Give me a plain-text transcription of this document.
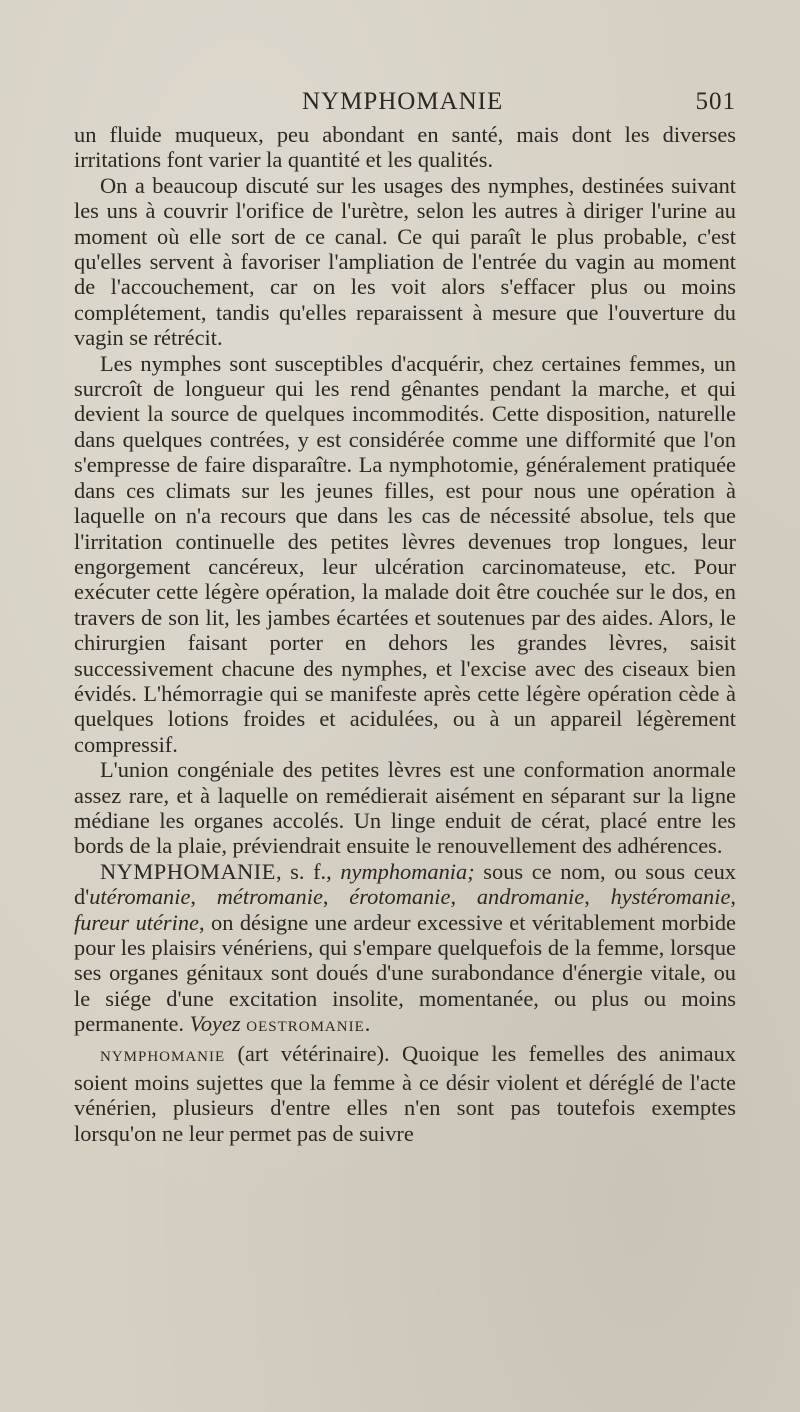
NYMPHOMANIE	501

un fluide muqueux, peu abondant en santé, mais dont les diverses irritations font varier la quantité et les qualités.

On a beaucoup discuté sur les usages des nymphes, destinées suivant les uns à couvrir l'orifice de l'urètre, selon les autres à diriger l'urine au moment où elle sort de ce canal. Ce qui paraît le plus probable, c'est qu'elles servent à favoriser l'ampliation de l'entrée du vagin au moment de l'accouchement, car on les voit alors s'effacer plus ou moins complétement, tandis qu'elles reparaissent à mesure que l'ouverture du vagin se rétrécit.

Les nymphes sont susceptibles d'acquérir, chez certaines femmes, un surcroît de longueur qui les rend gênantes pendant la marche, et qui devient la source de quelques incommodités. Cette disposition, naturelle dans quelques contrées, y est considérée comme une difformité que l'on s'empresse de faire disparaître. La nymphotomie, généralement pratiquée dans ces climats sur les jeunes filles, est pour nous une opération à laquelle on n'a recours que dans les cas de nécessité absolue, tels que l'irritation continuelle des petites lèvres devenues trop longues, leur engorgement cancéreux, leur ulcération carcinomateuse, etc. Pour exécuter cette légère opération, la malade doit être couchée sur le dos, en travers de son lit, les jambes écartées et soutenues par des aides. Alors, le chirurgien faisant porter en dehors les grandes lèvres, saisit successivement chacune des nymphes, et l'excise avec des ciseaux bien évidés. L'hémorragie qui se manifeste après cette légère opération cède à quelques lotions froides et acidulées, ou à un appareil légèrement compressif.

L'union congéniale des petites lèvres est une conformation anormale assez rare, et à laquelle on remédierait aisément en séparant sur la ligne médiane les organes accolés. Un linge enduit de cérat, placé entre les bords de la plaie, préviendrait ensuite le renouvellement des adhérences.

NYMPHOMANIE, s. f., nymphomania; sous ce nom, ou sous ceux d'utéromanie, métromanie, érotomanie, andromanie, hystéromanie, fureur utérine, on désigne une ardeur excessive et véritablement morbide pour les plaisirs vénériens, qui s'empare quelquefois de la femme, lorsque ses organes génitaux sont doués d'une surabondance d'énergie vitale, ou le siége d'une excitation insolite, momentanée, ou plus ou moins permanente. Voyez OESTROMANIE.

NYMPHOMANIE (art vétérinaire). Quoique les femelles des animaux soient moins sujettes que la femme à ce désir violent et déréglé de l'acte vénérien, plusieurs d'entre elles n'en sont pas toutefois exemptes lorsqu'on ne leur permet pas de suivre
